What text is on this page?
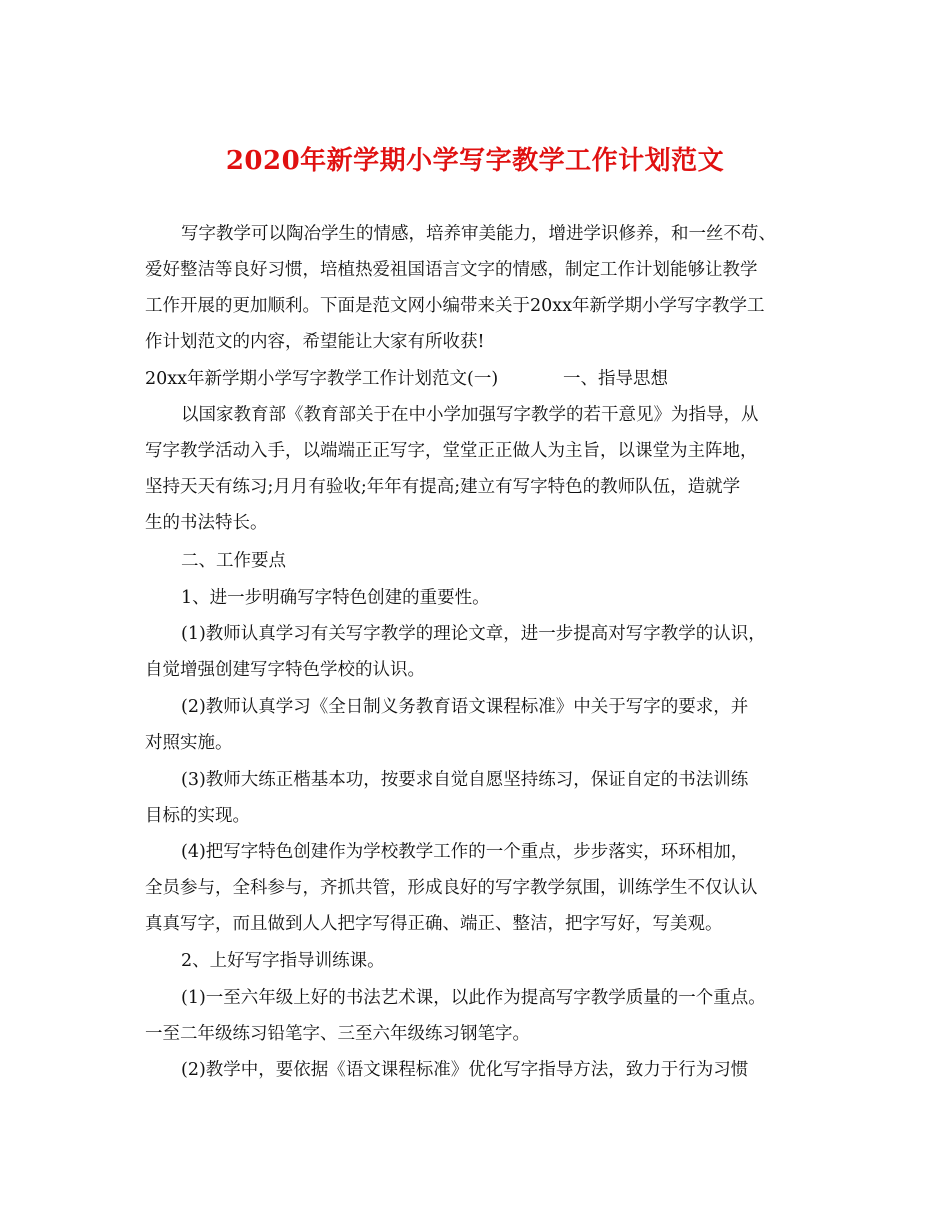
2020年新学期小学写字教学工作计划范文
写字教学可以陶冶学生的情感，培养审美能力，增进学识修养，和一丝不苟、
爱好整洁等良好习惯，培植热爱祖国语言文字的情感，制定工作计划能够让教学
工作开展的更加顺利。下面是范文网小编带来关于20xx年新学期小学写字教学工
作计划范文的内容，希望能让大家有所收获!
20xx年新学期小学写字教学工作计划范文(一)	一、指导思想
以国家教育部《教育部关于在中小学加强写字教学的若干意见》为指导，从
写字教学活动入手，以端端正正写字，堂堂正正做人为主旨，以课堂为主阵地，
坚持天天有练习;月月有验收;年年有提高;建立有写字特色的教师队伍，造就学
生的书法特长。
二、工作要点
1、进一步明确写字特色创建的重要性。
(1)教师认真学习有关写字教学的理论文章，进一步提高对写字教学的认识，
自觉增强创建写字特色学校的认识。
(2)教师认真学习《全日制义务教育语文课程标准》中关于写字的要求，并
对照实施。
(3)教师大练正楷基本功，按要求自觉自愿坚持练习，保证自定的书法训练
目标的实现。
(4)把写字特色创建作为学校教学工作的一个重点，步步落实，环环相加，
全员参与，全科参与，齐抓共管，形成良好的写字教学氛围，训练学生不仅认认
真真写字，而且做到人人把字写得正确、端正、整洁，把字写好，写美观。
2、上好写字指导训练课。
(1)一至六年级上好的书法艺术课，以此作为提高写字教学质量的一个重点。
一至二年级练习铅笔字、三至六年级练习钢笔字。
(2)教学中，要依据《语文课程标准》优化写字指导方法，致力于行为习惯
